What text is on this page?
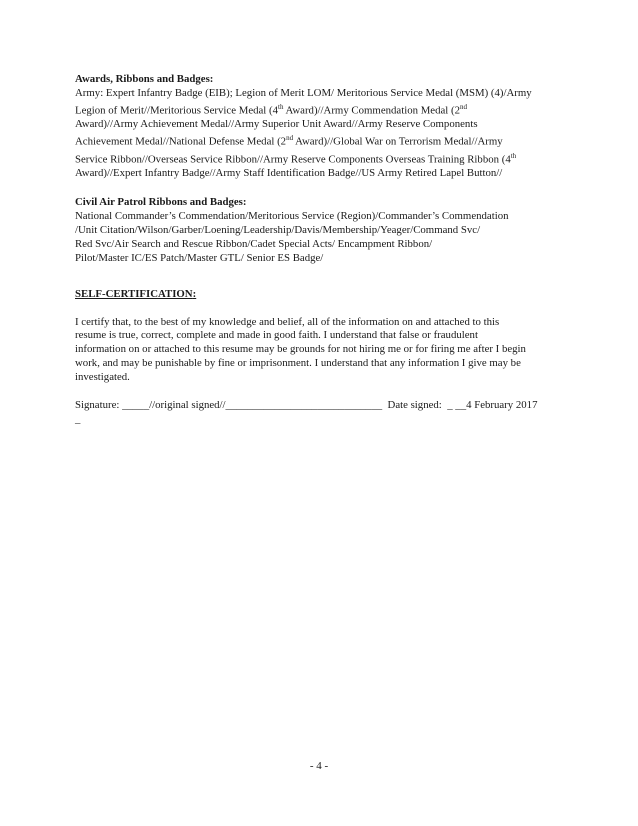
Awards, Ribbons and Badges:
Army: Expert Infantry Badge (EIB); Legion of Merit LOM/ Meritorious Service Medal (MSM) (4)/Army
Legion of Merit//Meritorious Service Medal (4th Award)//Army Commendation Medal (2nd
Award)//Army Achievement Medal//Army Superior Unit Award//Army Reserve Components
Achievement Medal//National Defense Medal (2nd Award)//Global War on Terrorism Medal//Army
Service Ribbon//Overseas Service Ribbon//Army Reserve Components Overseas Training Ribbon (4th
Award)//Expert Infantry Badge//Army Staff Identification Badge//US Army Retired Lapel Button//
Civil Air Patrol Ribbons and Badges:
National Commander’s Commendation/Meritorious Service (Region)/Commander’s Commendation
/Unit Citation/Wilson/Garber/Loening/Leadership/Davis/Membership/Yeager/Command Svc/
Red Svc/Air Search and Rescue Ribbon/Cadet Special Acts/ Encampment Ribbon/
Pilot/Master IC/ES Patch/Master GTL/ Senior ES Badge/
SELF-CERTIFICATION:
I certify that, to the best of my knowledge and belief, all of the information on and attached to this
resume is true, correct, complete and made in good faith. I understand that false or fraudulent
information on or attached to this resume may be grounds for not hiring me or for firing me after I begin
work, and may be punishable by fine or imprisonment. I understand that any information I give may be
investigated.
Signature: _____//original signed//_____________________________  Date signed:  _ __4 February 2017
_
- 4 -
